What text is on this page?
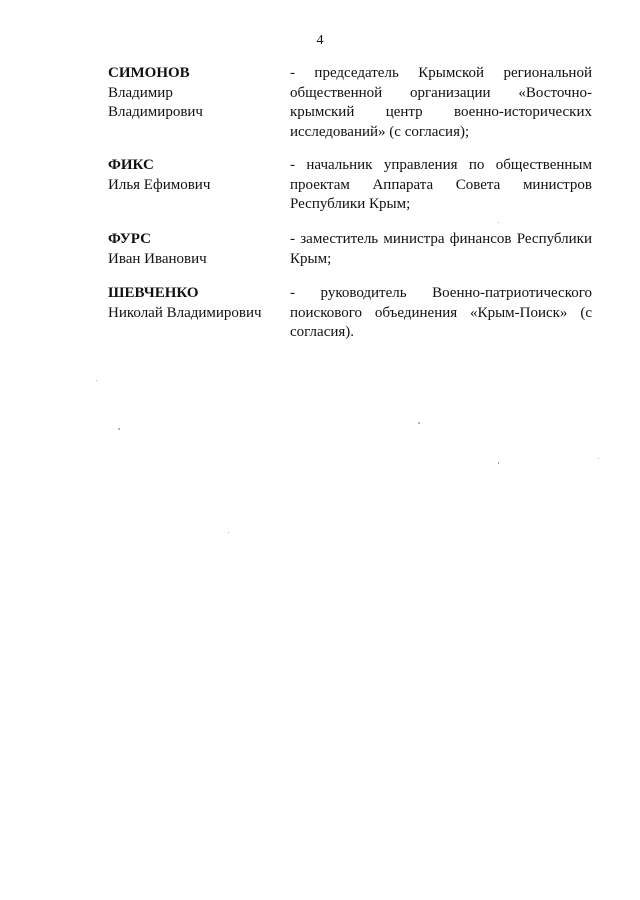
4
СИМОНОВ
Владимир
Владимирович
- председатель Крымской региональной общественной организации «Восточно-крымский центр военно-исторических исследований» (с согласия);
ФИКС
Илья Ефимович
- начальник управления по общественным проектам Аппарата Совета министров Республики Крым;
ФУРС
Иван Иванович
- заместитель министра финансов Республики Крым;
ШЕВЧЕНКО
Николай Владимирович
- руководитель Военно-патриотического поискового объединения «Крым-Поиск» (с согласия).
